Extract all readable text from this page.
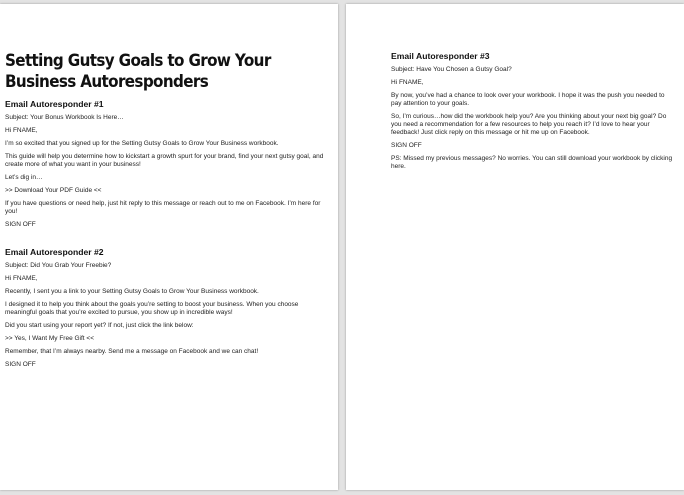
Setting Gutsy Goals to Grow Your Business Autoresponders
Email Autoresponder #1

Subject: Your Bonus Workbook Is Here…

Hi FNAME,

I’m so excited that you signed up for the Setting Gutsy Goals to Grow Your Business workbook.

This guide will help you determine how to kickstart a growth spurt for your brand, find your next gutsy goal, and create more of what you want in your business!

Let’s dig in…

>> Download Your PDF Guide <<

If you have questions or need help, just hit reply to this message or reach out to me on Facebook. I’m here for you!

SIGN OFF

Email Autoresponder #2

Subject: Did You Grab Your Freebie?

Hi FNAME,

Recently, I sent you a link to your Setting Gutsy Goals to Grow Your Business workbook.

I designed it to help you think about the goals you’re setting to boost your business. When you choose meaningful goals that you’re excited to pursue, you show up in incredible ways!

Did you start using your report yet? If not, just click the link below:

>> Yes, I Want My Free Gift <<

Remember, that I’m always nearby. Send me a message on Facebook and we can chat!

SIGN OFF

Email Autoresponder #3

Subject: Have You Chosen a Gutsy Goal?

Hi FNAME,

By now, you’ve had a chance to look over your workbook. I hope it was the push you needed to pay attention to your goals.

So, I’m curious…how did the workbook help you? Are you thinking about your next big goal? Do you need a recommendation for a few resources to help you reach it? I’d love to hear your feedback! Just click reply on this message or hit me up on Facebook.

SIGN OFF

PS: Missed my previous messages? No worries. You can still download your workbook by clicking here.
